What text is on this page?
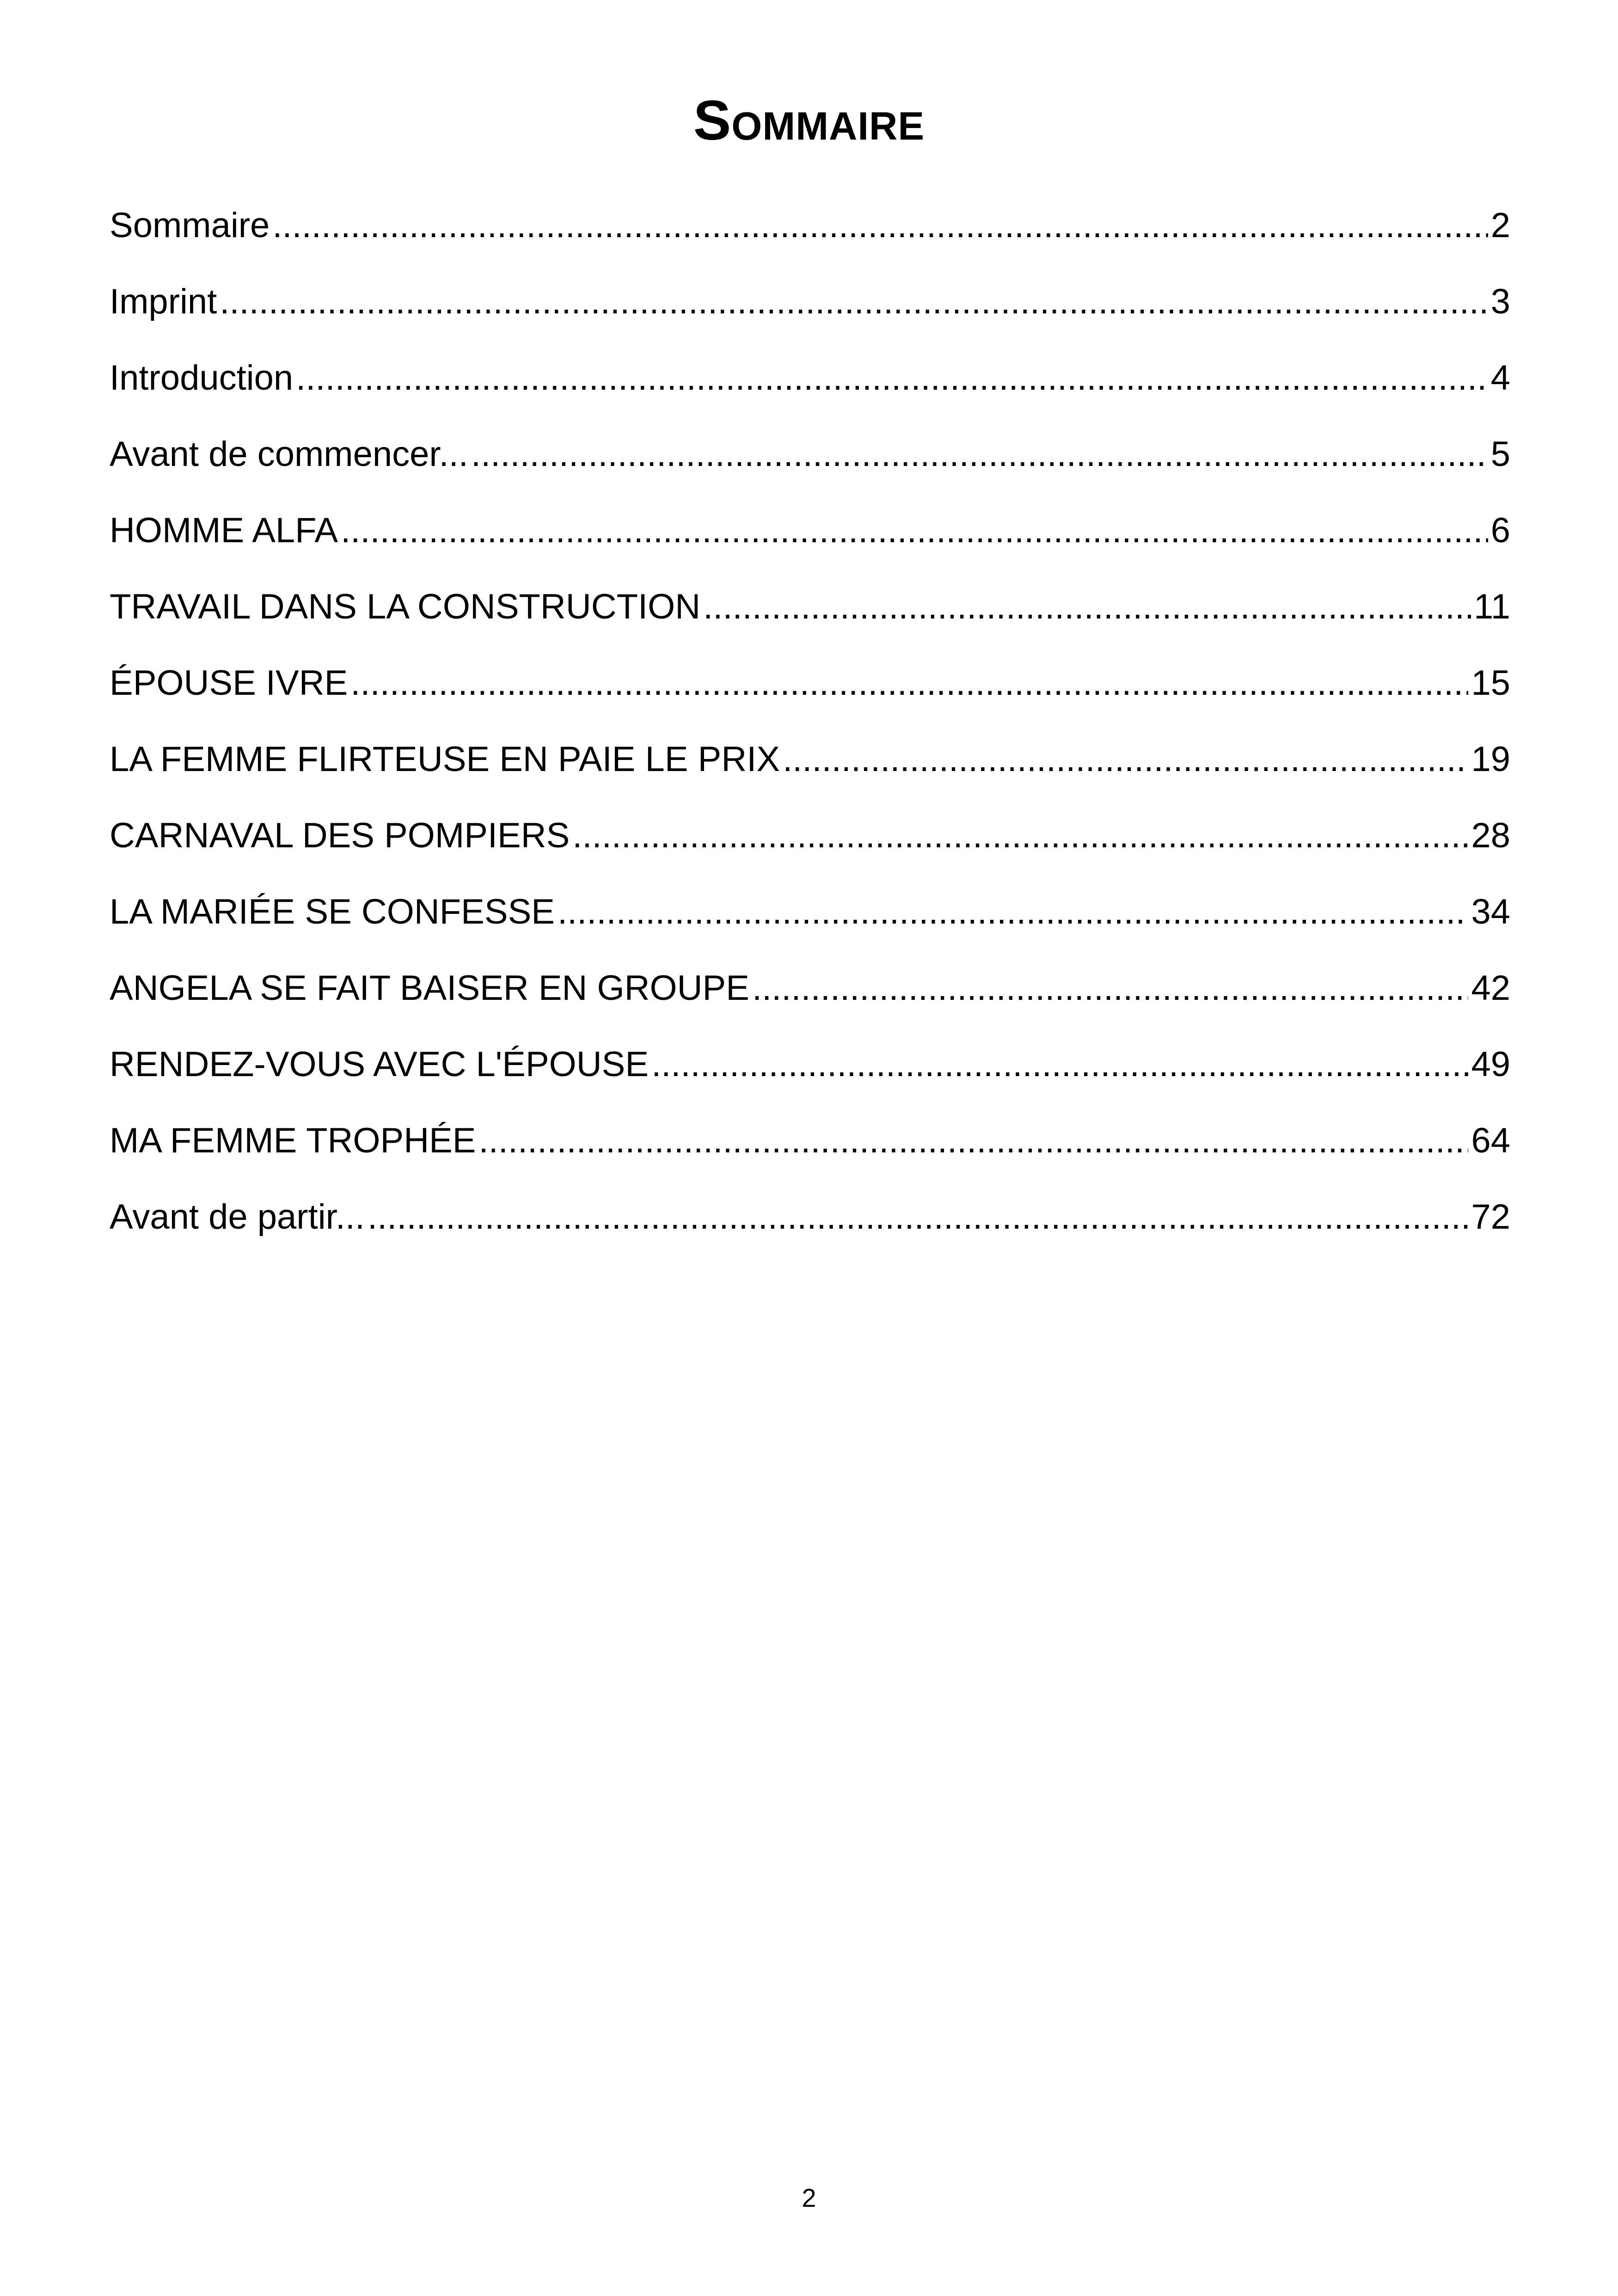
Sommaire
Sommaire .....	2
Imprint .....	3
Introduction .....	4
Avant de commencer... .....	5
HOMME ALFA .....	6
TRAVAIL DANS LA CONSTRUCTION .....	11
ÉPOUSE IVRE .....	15
LA FEMME FLIRTEUSE EN PAIE LE PRIX .....	19
CARNAVAL DES POMPIERS .....	28
LA MARIÉE SE CONFESSE .....	34
ANGELA SE FAIT BAISER EN GROUPE .....	42
RENDEZ-VOUS AVEC L'ÉPOUSE .....	49
MA FEMME TROPHÉE .....	64
Avant de partir... .....	72
2
